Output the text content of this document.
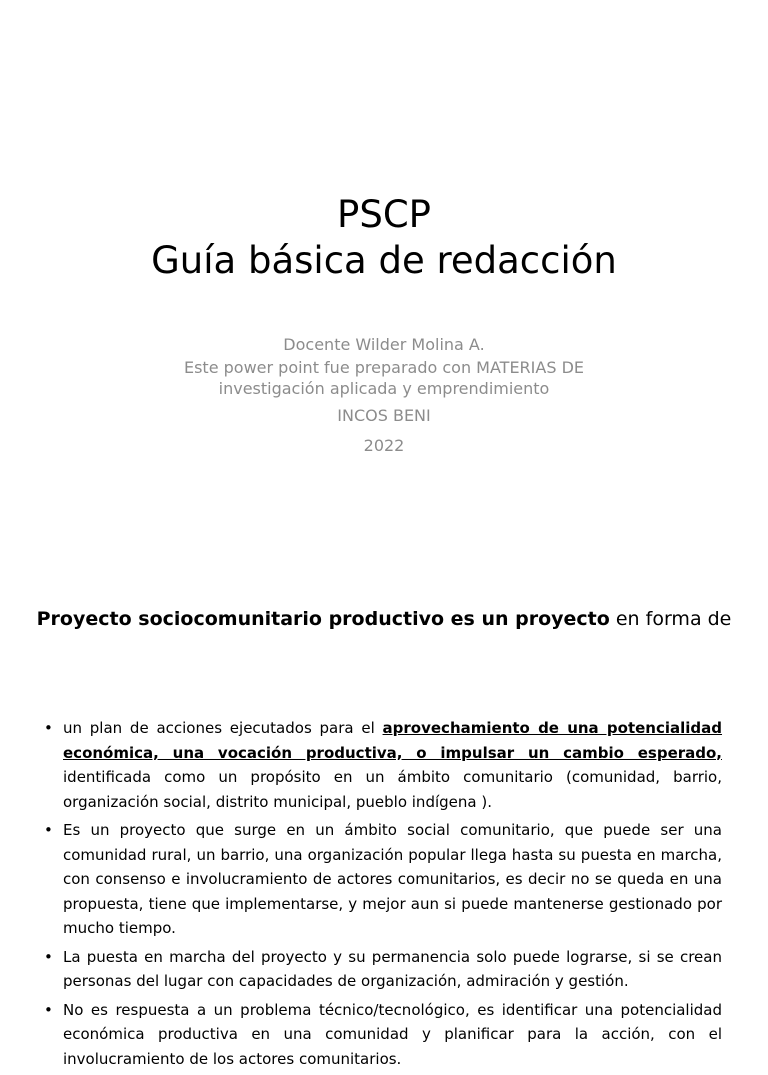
PSCP
Guía básica de redacción
Docente Wilder Molina A.
Este power point fue preparado con MATERIAS DE
investigación aplicada y emprendimiento
INCOS BENI
2022
Proyecto sociocomunitario productivo es un proyecto en forma de
• un plan de acciones ejecutados para el aprovechamiento de una potencialidad económica, una vocación productiva, o impulsar un cambio esperado, identificada como un propósito en un ámbito comunitario (comunidad, barrio, organización social, distrito municipal, pueblo indígena ).
• Es un proyecto que surge en un ámbito social comunitario, que puede ser una comunidad rural, un barrio, una organización popular llega hasta su puesta en marcha, con consenso e involucramiento de actores comunitarios, es decir no se queda en una propuesta, tiene que implementarse, y mejor aun si puede mantenerse gestionado por mucho tiempo.
• La puesta en marcha del proyecto y su permanencia solo puede lograrse, si se crean personas del lugar con capacidades de organización, admiración y gestión.
• No es respuesta a un problema técnico/tecnológico, es identificar una potencialidad económica productiva en una comunidad y planificar para la acción, con el involucramiento de los actores comunitarios.
